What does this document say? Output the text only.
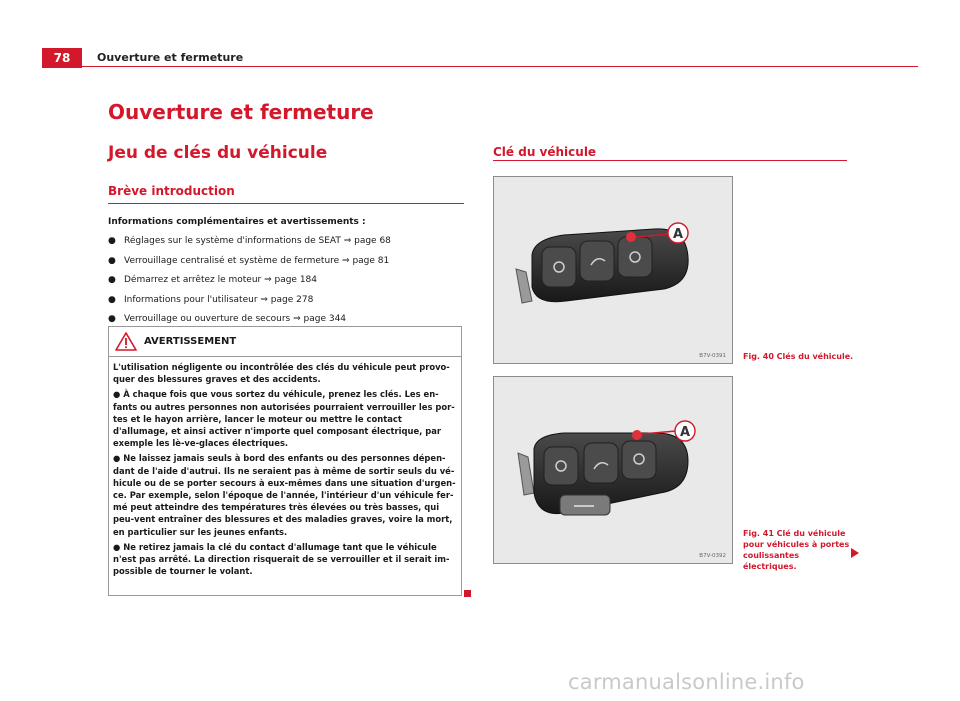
78	Ouverture et fermeture
Ouverture et fermeture
Jeu de clés du véhicule
Brève introduction
Informations complémentaires et avertissements :
● Réglages sur le système d'informations de SEAT ⇒ page 68
● Verrouillage centralisé et système de fermeture ⇒ page 81
● Démarrez et arrêtez le moteur ⇒ page 184
● Informations pour l'utilisateur ⇒ page 278
● Verrouillage ou ouverture de secours ⇒ page 344
AVERTISSEMENT

L'utilisation négligente ou incontrôlée des clés du véhicule peut provo-quer des blessures graves et des accidents.

● À chaque fois que vous sortez du véhicule, prenez les clés. Les en-fants ou autres personnes non autorisées pourraient verrouiller les por-tes et le hayon arrière, lancer le moteur ou mettre le contact d'allumage, et ainsi activer n'importe quel composant électrique, par exemple les lè-ve-glaces électriques.

● Ne laissez jamais seuls à bord des enfants ou des personnes dépen-dant de l'aide d'autrui. Ils ne seraient pas à même de sortir seuls du vé-hicule ou de se porter secours à eux-mêmes dans une situation d'urgen-ce. Par exemple, selon l'époque de l'année, l'intérieur d'un véhicule fer-mé peut atteindre des températures très élevées ou très basses, qui peu-vent entraîner des blessures et des maladies graves, voire la mort, en particulier sur les jeunes enfants.

● Ne retirez jamais la clé du contact d'allumage tant que le véhicule n'est pas arrêté. La direction risquerait de se verrouiller et il serait im-possible de tourner le volant.

Clé du véhicule
A
B7V-0391 Fig. 40 Clés du véhicule.
A
B7V-0392
Fig. 41 Clé du véhicule pour véhicules à portes coulissantes électriques.
carmanualsonline.info
